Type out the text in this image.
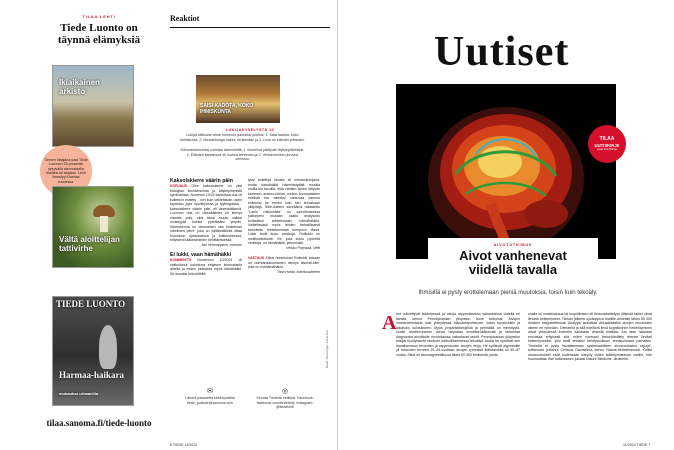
TILAA LEHTI
Tiede Luonto on täynnä elämyksiä
Ikiaikainen arkisto
Tiemen tilaajana saat Tiede Luonnon 25 prosentin pysyvällä alennuksella itsellesi tai lahjaksi. Lehti ilmestyy 8 kertaa vuodessa.
Vältä aloittelijan tattivirhe
TIEDE LUONTO
Harmaa-haikara
mukautuu urbaanilla
tilaa.sanoma.fi/tiede-luonto
Reaktiot
SAISI KADOTA, KOKO IHMISKUNTA
LUKIJAKYSELYSTÄ 10
Lukijat valitsivat viime numeron parhaiksi jutuiksi: 1. Saisi kadota, koko ihmiskunta. 2. Mestarikunga hakee verisenään ja 3. Lima on elämän ydessani.
Kiinnostavimmiksi uutisiksi äänestettiin 1. Ilomiehot päätyvät ötykysyötteisiksi. 2. Eläinten kantamoot eli luuhua alemman ja 3. Verihereroisen juruvus onnistuu.
Kaksoiskierre väärin päin
KORJAUS Olen kaksoiskierre on yksi biologian ikonisimmista ja käytetyimmistä symboleista. Numeron 10/24 kannessa dna oli kuitenkin esitetty - niin kuin valitettavan usein tapahtuu jopa oppikirjoissa ja tyylilogoissa - kaksoiskierre väärin päin, eli vasenkätisenä. Luonnon dna on oikeakätinen eli kierrys oikealle pois, eikä tämä muutu vaikka molekyyliä kuinka pyöritetäisi ympäri. Stereokemia on olennainen osa biokemian oleellinen piirre, joka on väittämätöntä ottaa huomioon opetuksessa ja tutkimuksessa, erityisesti lääkeaineiden kehittämisessä.
Jari Vehmanpera, meosen
Ei lukki, vaan hämähäkki
KOMMENTTI Numeroon 10/2024 oli valikoitunut uutiskuva erityisen kiinnostavia aiheita ja miden juoksissa myös hämähäkki. Se ansaitsi tulla kiiteltä
lyksi esitettyä tavalla eli mestarikutojana, mutta hämähäkki hämmästyttää monilla muilla-kin tavoilla, eikä vähiten siihen liittyvän kammon, arakno-fobian, vuoksi. Suomalaisten mielistä tuo otteeksi varsuvaa kammo esiintoisi ne ennen kuin sen tehokkaan ylläpitäjä, Sibe-liuksen säveltämä rakastettu "Laulu rottulukista" on sanoittuneessa pallonpein mukaan osalta analysoitu korkeatkoi suhteessaan hämähäkkiin. Valitettavasti myös lehden tietoelläsissä tarkoitettu tekstiheenaan kompuroi tässä. Lukki eivät kudo verkkoja. Rotilukki on meilikuvituttuste. Se, joka kutoo pyöreitä verkkoja, on hämähäkki, jatvonlukki.
Veikko Porjosaa, Vetti
VASTAUS Kiitos huomiosta! Rotilukki toisaan on vaerkansanomainen nimitys aitoristi-kille, joka on ristihämähäkki.
Tiina Huhta, toimitussihteeri
✉
Lähetä palautetta sähköpostilla tiede_palaute@sanoma.com
◎
Seuraa Tiedettä netiissä, Facebook: facebook.com/tiedelehti, Instagram: @tiedelehti
Kuvat: Sanna Pigor-Toit-kinsos
6 TIEDE 11/2024
Uutiset
TILAA
UUTISKIRJE
tiede.fi/uutiskirje
AIVOTUTKIMUS
Aivot vanhenevat
viidellä tavalla
Ihmisillä ei pysty erottelemaan pieniä muutoksia, toisin kuin tekoäly.
A ivot näivettyvät ikääntyessä ja aivoja rappeuttavissa sairauksissa viidellä eri tavalla, kertoo Pennsylvanian yliopiston tuore tutkimus. Aivojen vanhenemistavat ovat yhteydessä elämäntapoihimme, kuten tupakointiin ja alkoholin kulutukseen. Myös ympäristötekijöillä ja perimällä on merkitystä. Uudet aivotiervysteen voivat helpottaa ennaltaehkäisevää ja tarkentaa diagnoosia aivotiloille muutoksissa vaikuttavat taudit. Pennsylvanian yliopiston tutkijat hyödynsivät muotoen halimoittamisessa tekoälyä. Aluksi he opettivat sen havaitsemaan terveiden ja rappeutuvien aivojen eroja. He syöttivät algoritmille yli tuhannen terveen 20–49-vuotiaan aivojen ryhmissä ikähaarukka oli 50–97 vuotta. Siinä oli aivomagneettikuvat lähes 50 000 ihmisestä, joista
osalla oli muistisairaus tai kognitiivisen eli tiedonkäsittelyyn liittyvää taidot olivat lievästi heikentyneet. Tämän jälkeen syväoppiva malliile annettiin lähes 50 000 ihmisen magneettikuvat. Analyysi tarkoittaa virtuaalisestiin aivojen muutoksiin viiteen eri ryhmään. Dementia ja sitä edeltävä lievä kognitiivinen heikentyminen olivat yhteydessä kolmeen kaikkiaan viidestä mallista. Jos taas halutaan ennustaa erityisesti sitä, miten normaali tiedonkäsittely etenee lievästi heikentyneeksi, yksi malli ennakoi kehityskulkuun ennakoimissa parhaiten. "Ihmisillä ei pysty havaitsemaan systemaattisten aivomuutosten tapoja", tutkimusta johtanut Christos Davatzikos kertoo Nature-tiedelehdessä. Kaikki aivomuutokset eivät kuitenkaan kiteydy viiden ikääntymistavan malliin, hän huomauttaa. Itse tutkimuksen julkaisi Nature Medicine -tiedelehti.
11/2024 TIEDE 7
